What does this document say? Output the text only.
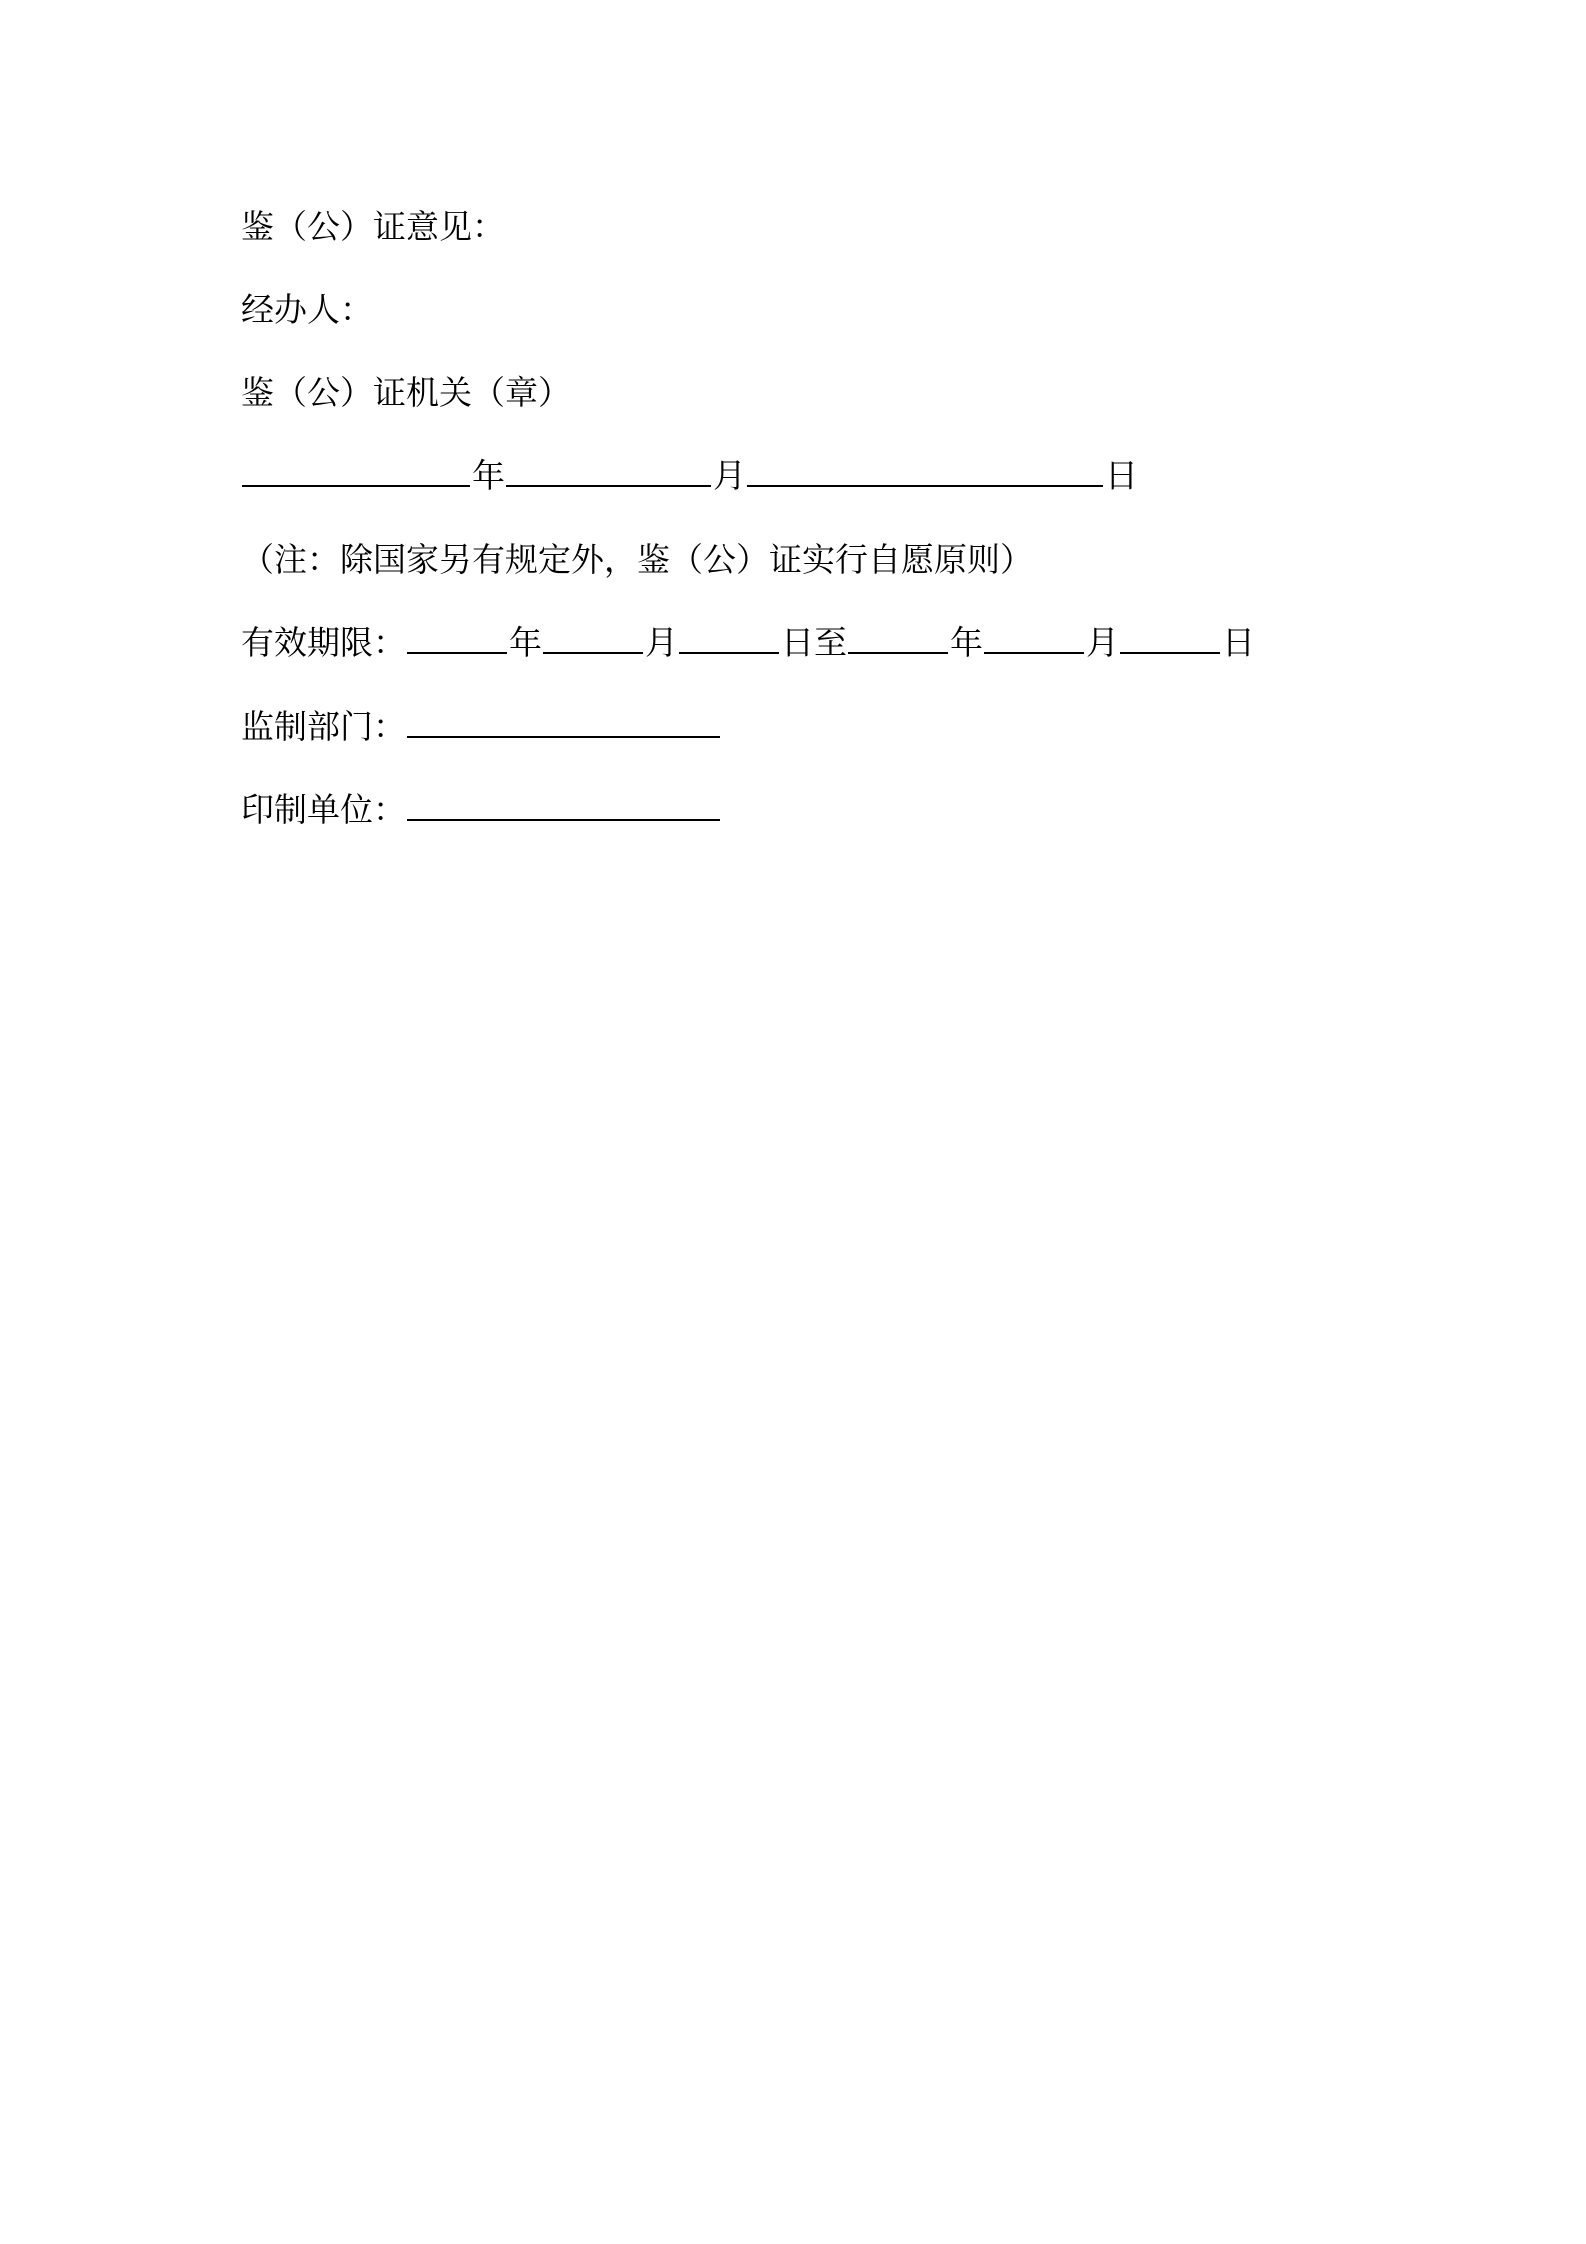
鉴（公）证意见：
经办人：
鉴（公）证机关（章）
年	月	日
（注：除国家另有规定外，鉴（公）证实行自愿原则）
有效期限：	年	月	日至	年	月	日
监制部门：
印制单位：
